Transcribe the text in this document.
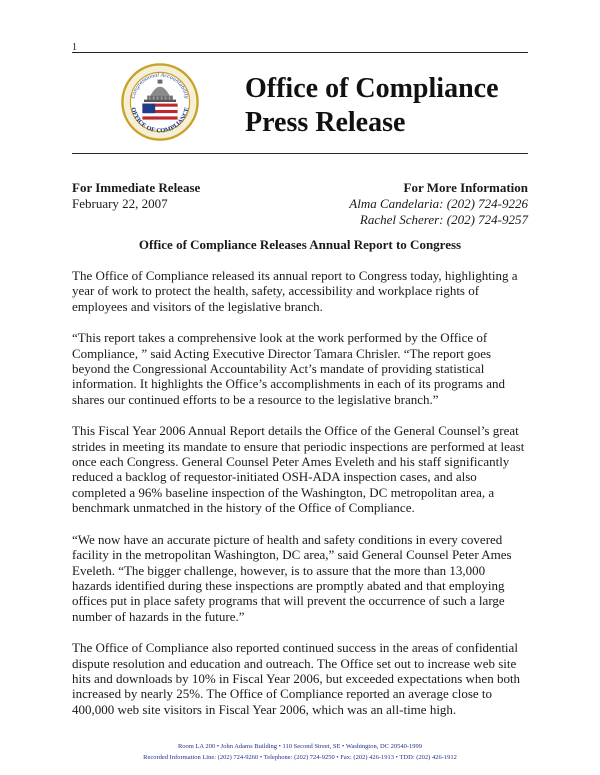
1
Congressional Accountability
OFFICE OF COMPLIANCE
Office of Compliance
Press Release
For Immediate Release
February 22, 2007
For More Information
Alma Candelaria: (202) 724-9226
Rachel Scherer: (202) 724-9257
Office of Compliance Releases Annual Report to Congress

The Office of Compliance released its annual report to Congress today, highlighting a year of work to protect the health, safety, accessibility and workplace rights of employees and visitors of the legislative branch.

“This report takes a comprehensive look at the work performed by the Office of Compliance, ” said Acting Executive Director Tamara Chrisler. “The report goes beyond the Congressional Accountability Act’s mandate of providing statistical information. It highlights the Office’s accomplishments in each of its programs and shares our continued efforts to be a resource to the legislative branch.”

This Fiscal Year 2006 Annual Report details the Office of the General Counsel’s great strides in meeting its mandate to ensure that periodic inspections are performed at least once each Congress. General Counsel Peter Ames Eveleth and his staff significantly reduced a backlog of requestor-initiated OSH-ADA inspection cases, and also completed a 96% baseline inspection of the Washington, DC metropolitan area, a benchmark unmatched in the history of the Office of Compliance.

“We now have an accurate picture of health and safety conditions in every covered facility in the metropolitan Washington, DC area,” said General Counsel Peter Ames Eveleth. “The bigger challenge, however, is to assure that the more than 13,000 hazards identified during these inspections are promptly abated and that employing offices put in place safety programs that will prevent the occurrence of such a large number of hazards in the future.”

The Office of Compliance also reported continued success in the areas of confidential dispute resolution and education and outreach. The Office set out to increase web site hits and downloads by 10% in Fiscal Year 2006, but exceeded expectations when both increased by nearly 25%. The Office of Compliance reported an average close to 400,000 web site visitors in Fiscal Year 2006, which was an all-time high.

Room LA 200 • John Adams Building • 110 Second Street, SE • Washington, DC 20540-1999
Recorded Information Line: (202) 724-9260 • Telephone: (202) 724-9250 • Fax: (202) 426-1913 • TDD: (202) 426-1912
